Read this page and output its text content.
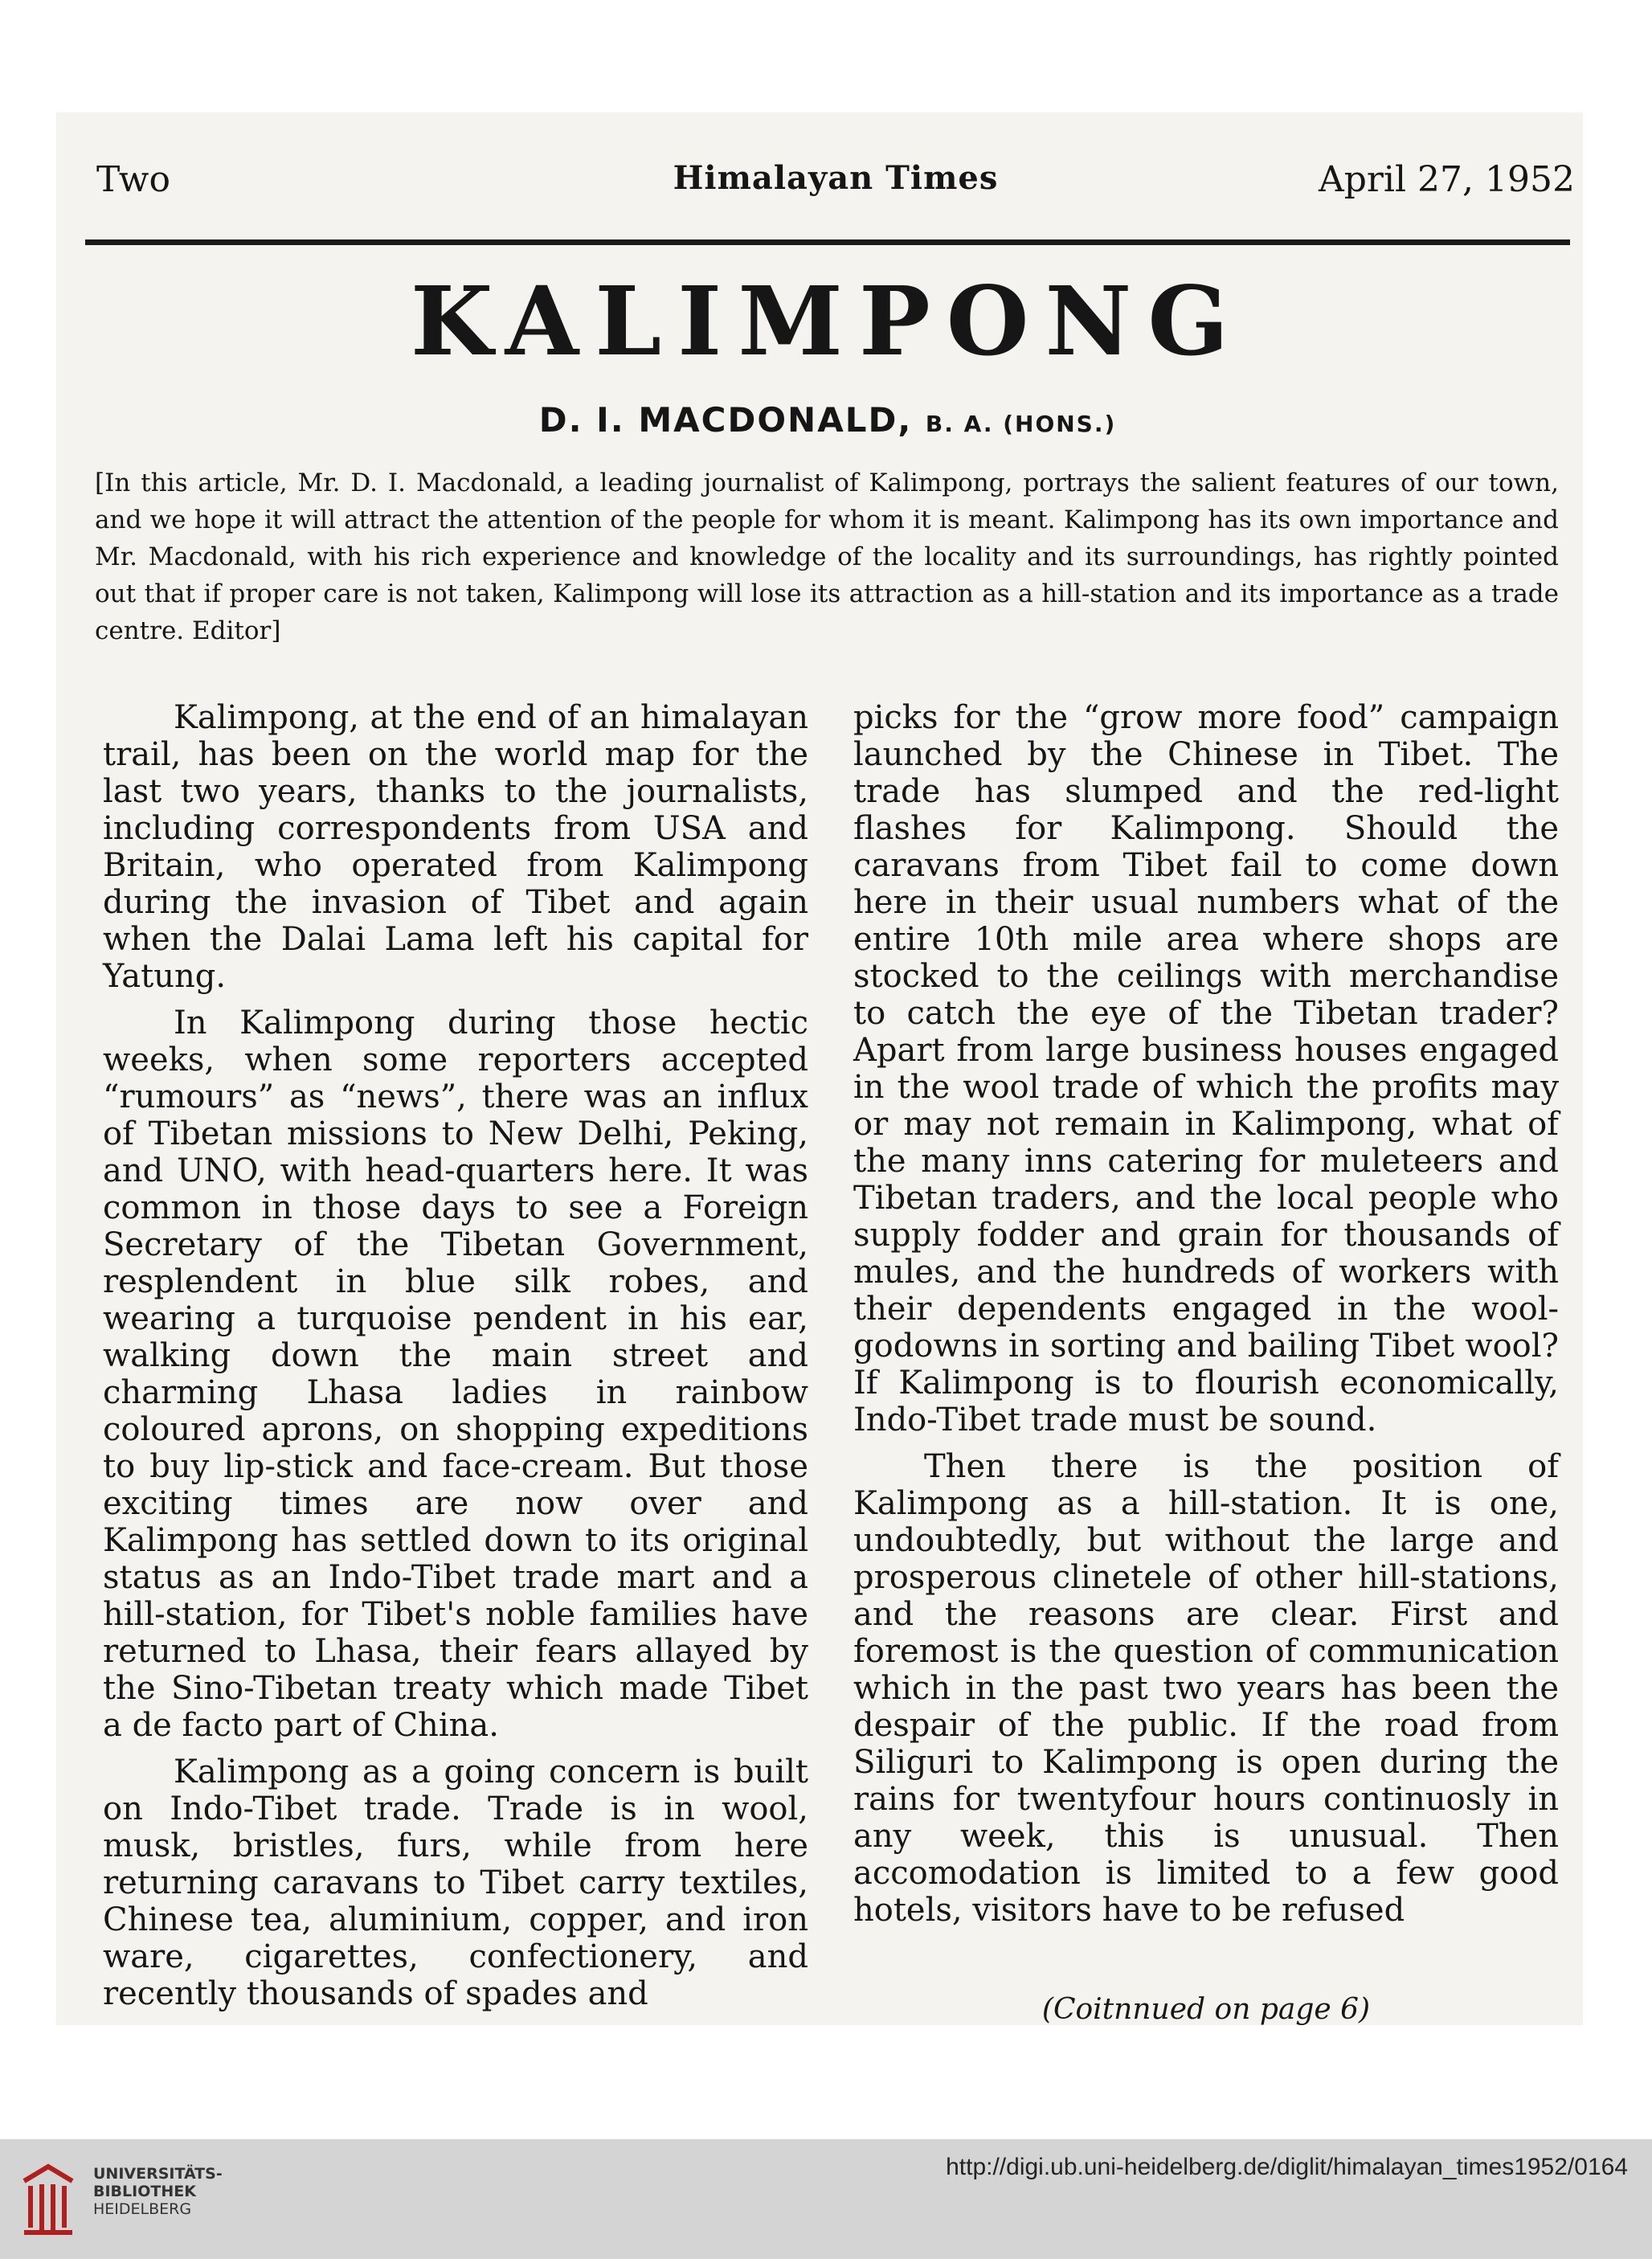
Two	Himalayan Times	April 27, 1952
KALIMPONG
D. I. MACDONALD, B. A. (HONS.)
[In this article, Mr. D. I. Macdonald, a leading journalist of Kalimpong, portrays the salient features of our town, and we hope it will attract the attention of the people for whom it is meant. Kalimpong has its own importance and Mr. Macdonald, with his rich experience and knowledge of the locality and its surroundings, has rightly pointed out that if proper care is not taken, Kalimpong will lose its attraction as a hill-station and its importance as a trade centre. Editor]

Kalimpong, at the end of an himalayan trail, has been on the world map for the last two years, thanks to the journalists, including correspondents from USA and Britain, who operated from Kalimpong during the invasion of Tibet and again when the Dalai Lama left his capital for Yatung.

In Kalimpong during those hectic weeks, when some reporters accepted “rumours” as “news”, there was an influx of Tibetan missions to New Delhi, Peking, and UNO, with head-quarters here. It was common in those days to see a Foreign Secretary of the Tibetan Government, resplendent in blue silk robes, and wearing a turquoise pendent in his ear, walking down the main street and charming Lhasa ladies in rainbow coloured aprons, on shopping expeditions to buy lip-stick and face-cream. But those exciting times are now over and Kalimpong has settled down to its original status as an Indo-Tibet trade mart and a hill-station, for Tibet's noble families have returned to Lhasa, their fears allayed by the Sino-Tibetan treaty which made Tibet a de facto part of China.

Kalimpong as a going concern is built on Indo-Tibet trade. Trade is in wool, musk, bristles, furs, while from here returning caravans to Tibet carry textiles, Chinese tea, aluminium, copper, and iron ware, cigarettes, confectionery, and recently thousands of spades and

picks for the “grow more food” campaign launched by the Chinese in Tibet. The trade has slumped and the red-light flashes for Kalimpong. Should the caravans from Tibet fail to come down here in their usual numbers what of the entire 10th mile area where shops are stocked to the ceilings with merchandise to catch the eye of the Tibetan trader? Apart from large business houses engaged in the wool trade of which the profits may or may not remain in Kalimpong, what of the many inns catering for muleteers and Tibetan traders, and the local people who supply fodder and grain for thousands of mules, and the hundreds of workers with their dependents engaged in the wool-godowns in sorting and bailing Tibet wool? If Kalimpong is to flourish economically, Indo-Tibet trade must be sound.

Then there is the position of Kalimpong as a hill-station. It is one, undoubtedly, but without the large and prosperous clinetele of other hill-stations, and the reasons are clear. First and foremost is the question of communication which in the past two years has been the despair of the public. If the road from Siliguri to Kalimpong is open during the rains for twentyfour hours continuosly in any week, this is unusual. Then accomodation is limited to a few good hotels, visitors have to be refused

(Coitnnued on page 6)
UNIVERSITÄTS-
BIBLIOTHEK
HEIDELBERG
http://digi.ub.uni-heidelberg.de/diglit/himalayan_times1952/0164
